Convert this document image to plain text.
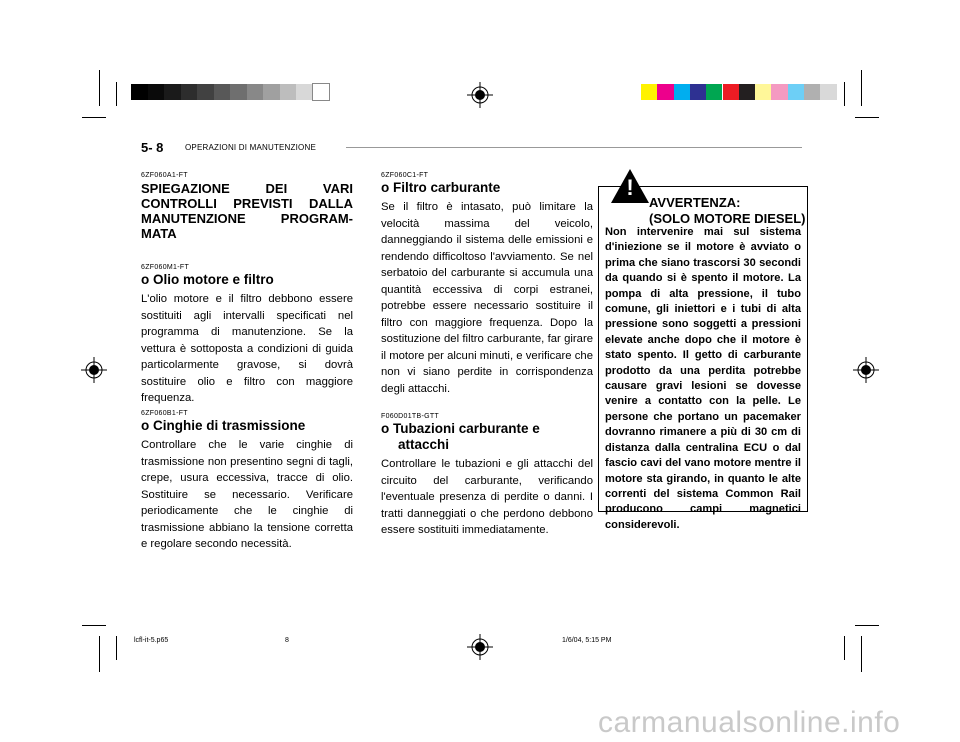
5- 8	OPERAZIONI DI MANUTENZIONE
6ZF060A1-FT
SPIEGAZIONE DEI VARI CONTROLLI PREVISTI DALLA MANUTENZIONE PROGRAM-MATA
6ZF060M1-FT
o Olio motore e filtro
L'olio motore e il filtro debbono essere sostituiti agli intervalli specificati nel programma di manutenzione. Se la vettura è sottoposta a condizioni di guida particolarmente gravose, si dovrà sostituire olio e filtro con maggiore frequenza.
6ZF060B1-FT
o Cinghie di trasmissione
Controllare che le varie cinghie di trasmissione non presentino segni di tagli, crepe, usura eccessiva, tracce di olio. Sostituire se necessario. Verificare periodicamente che le cinghie di trasmissione abbiano la tensione corretta e regolare secondo necessità.
6ZF060C1-FT
o Filtro carburante
Se il filtro è intasato, può limitare la velocità massima del veicolo, danneggiando il sistema delle emissioni e rendendo difficoltoso l'avviamento. Se nel serbatoio del carburante si accumula una quantità eccessiva di corpi estranei, potrebbe essere necessario sostituire il filtro con maggiore frequenza. Dopo la sostituzione del filtro carburante, far girare il motore per alcuni minuti, e verificare che non vi siano perdite in corrispondenza degli attacchi.
F060D01TB-GTT
o Tubazioni carburante e
attacchi
Controllare le tubazioni e gli attacchi del circuito del carburante, verificando l'eventuale presenza di perdite o danni. I tratti danneggiati o che perdono debbono essere sostituiti immediatamente.
!
AVVERTENZA:
(SOLO MOTORE DIESEL)
Non intervenire mai sul sistema d'iniezione se il motore è avviato o prima che siano trascorsi 30 secondi da quando si è spento il motore. La pompa di alta pressione, il tubo comune, gli iniettori e i tubi di alta pressione sono soggetti a pressioni elevate anche dopo che il motore è stato spento. Il getto di carburante prodotto da una perdita potrebbe causare gravi lesioni se dovesse venire a contatto con la pelle. Le persone che portano un pacemaker dovranno rimanere a più di 30 cm di distanza dalla centralina ECU o dal fascio cavi del vano motore mentre il motore sta girando, in quanto le alte correnti del sistema Common Rail producono campi magnetici considerevoli.
lcfl-it-5.p65	8	1/6/04, 5:15 PM
carmanualsonline.info
